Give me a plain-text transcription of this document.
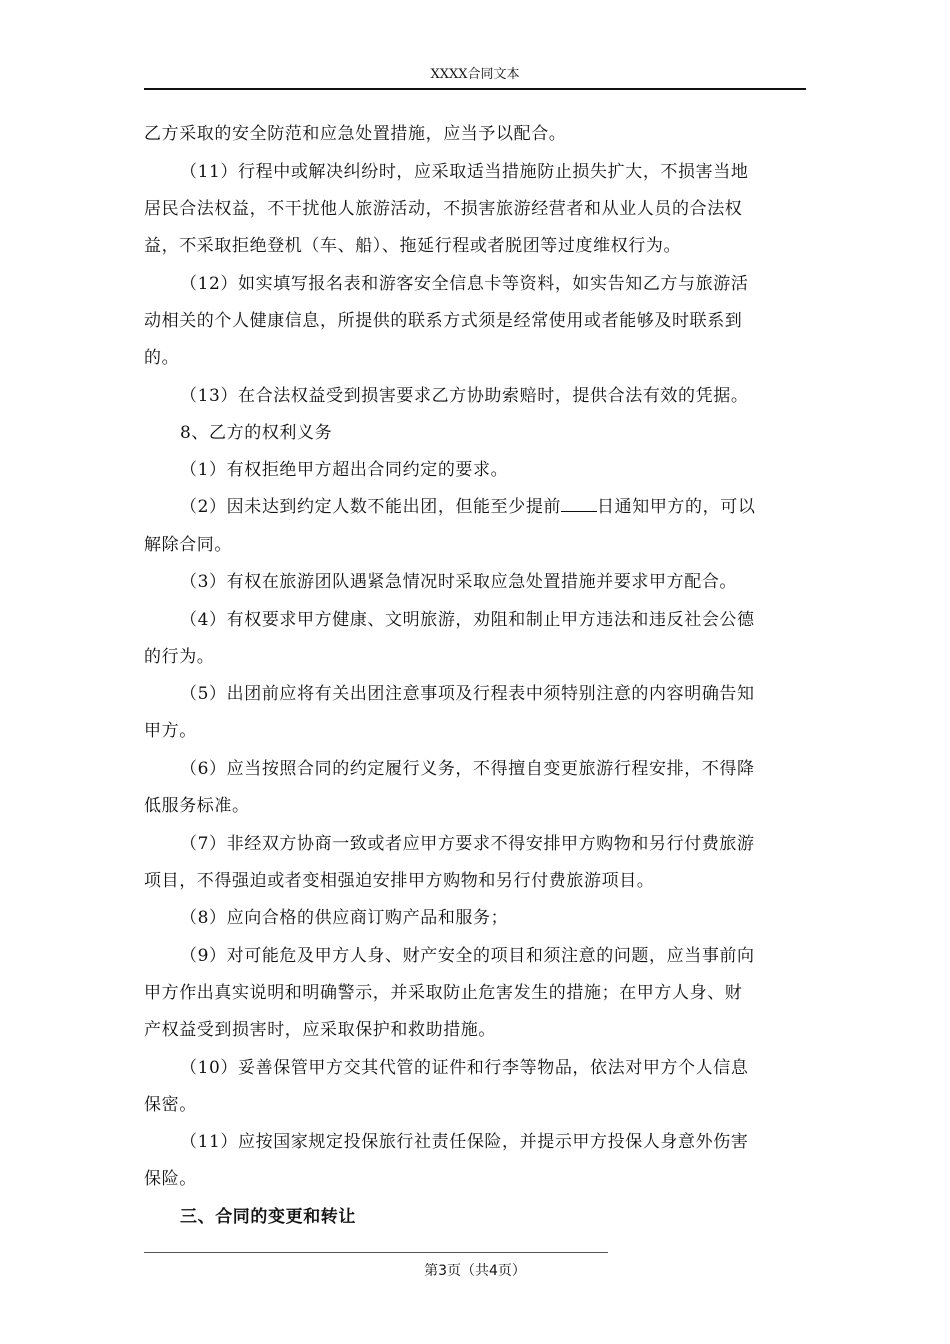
XXXX合同文本
乙方采取的安全防范和应急处置措施，应当予以配合。
（11）行程中或解决纠纷时，应采取适当措施防止损失扩大，不损害当地
居民合法权益，不干扰他人旅游活动，不损害旅游经营者和从业人员的合法权
益，不采取拒绝登机（车、船）、拖延行程或者脱团等过度维权行为。
（12）如实填写报名表和游客安全信息卡等资料，如实告知乙方与旅游活
动相关的个人健康信息，所提供的联系方式须是经常使用或者能够及时联系到
的。
（13）在合法权益受到损害要求乙方协助索赔时，提供合法有效的凭据。
8、乙方的权利义务
（1）有权拒绝甲方超出合同约定的要求。
（2）因未达到约定人数不能出团，但能至少提前 日通知甲方的，可以
解除合同。
（3）有权在旅游团队遇紧急情况时采取应急处置措施并要求甲方配合。
（4）有权要求甲方健康、文明旅游，劝阻和制止甲方违法和违反社会公德
的行为。
（5）出团前应将有关出团注意事项及行程表中须特别注意的内容明确告知
甲方。
（6）应当按照合同的约定履行义务，不得擅自变更旅游行程安排，不得降
低服务标准。
（7）非经双方协商一致或者应甲方要求不得安排甲方购物和另行付费旅游
项目，不得强迫或者变相强迫安排甲方购物和另行付费旅游项目。
（8）应向合格的供应商订购产品和服务；
（9）对可能危及甲方人身、财产安全的项目和须注意的问题，应当事前向
甲方作出真实说明和明确警示，并采取防止危害发生的措施；在甲方人身、财
产权益受到损害时，应采取保护和救助措施。
（10）妥善保管甲方交其代管的证件和行李等物品，依法对甲方个人信息
保密。
（11）应按国家规定投保旅行社责任保险，并提示甲方投保人身意外伤害
保险。
三、合同的变更和转让
第3页（共4页）
